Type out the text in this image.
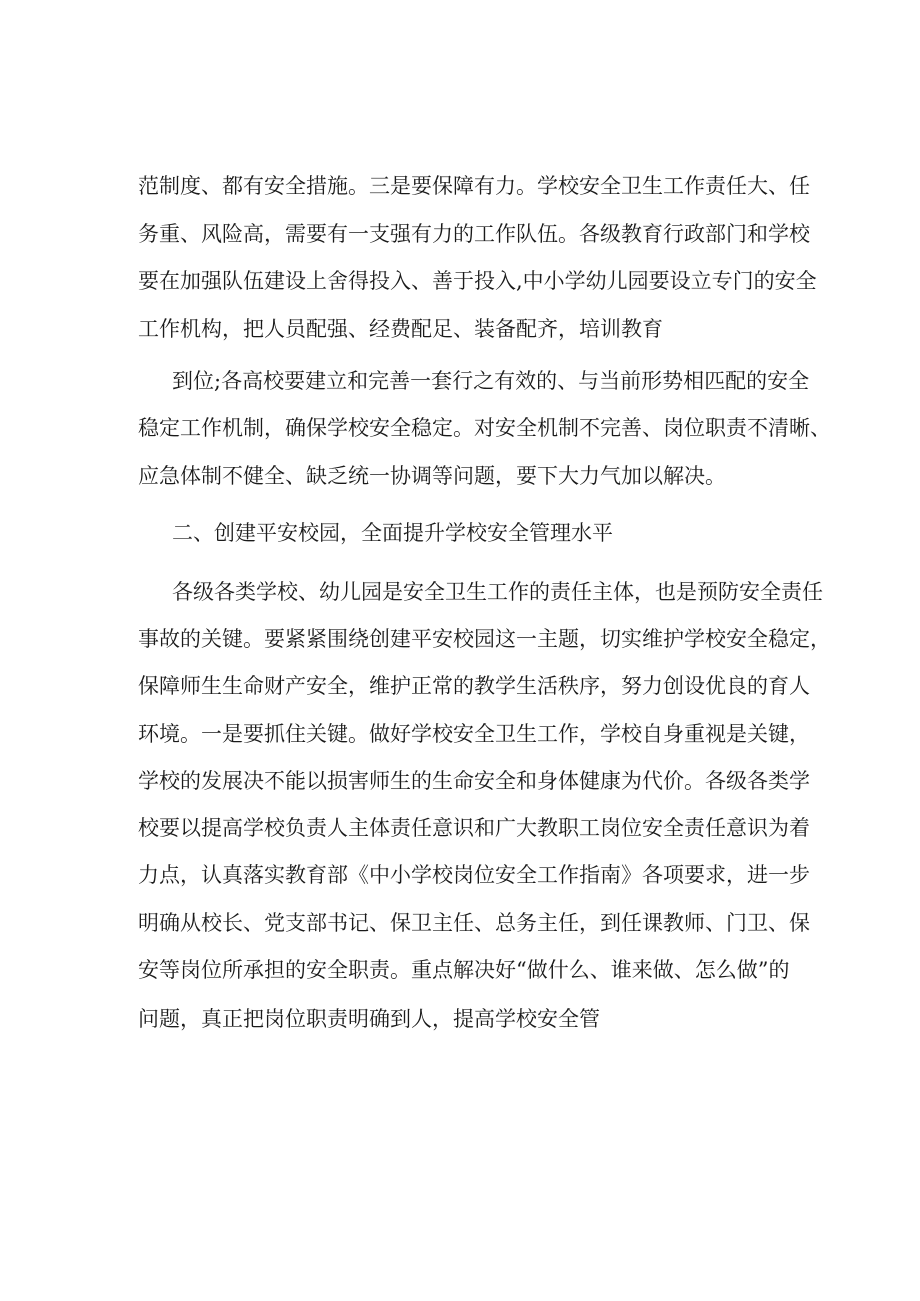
范制度、都有安全措施。三是要保障有力。学校安全卫生工作责任大、任

务重、风险高，需要有一支强有力的工作队伍。各级教育行政部门和学校

要在加强队伍建设上舍得投入、善于投入,中小学幼儿园要设立专门的安全

工作机构，把人员配强、经费配足、装备配齐，培训教育

到位;各高校要建立和完善一套行之有效的、与当前形势相匹配的安全

稳定工作机制，确保学校安全稳定。对安全机制不完善、岗位职责不清晰、

应急体制不健全、缺乏统一协调等问题，要下大力气加以解决。

二、创建平安校园，全面提升学校安全管理水平

各级各类学校、幼儿园是安全卫生工作的责任主体，也是预防安全责任

事故的关键。要紧紧围绕创建平安校园这一主题，切实维护学校安全稳定，

保障师生生命财产安全，维护正常的教学生活秩序，努力创设优良的育人

环境。一是要抓住关键。做好学校安全卫生工作，学校自身重视是关键，

学校的发展决不能以损害师生的生命安全和身体健康为代价。各级各类学

校要以提高学校负责人主体责任意识和广大教职工岗位安全责任意识为着

力点，认真落实教育部《中小学校岗位安全工作指南》各项要求，进一步

明确从校长、党支部书记、保卫主任、总务主任，到任课教师、门卫、保

安等岗位所承担的安全职责。重点解决好“做什么、谁来做、怎么做”的

问题，真正把岗位职责明确到人，提高学校安全管
